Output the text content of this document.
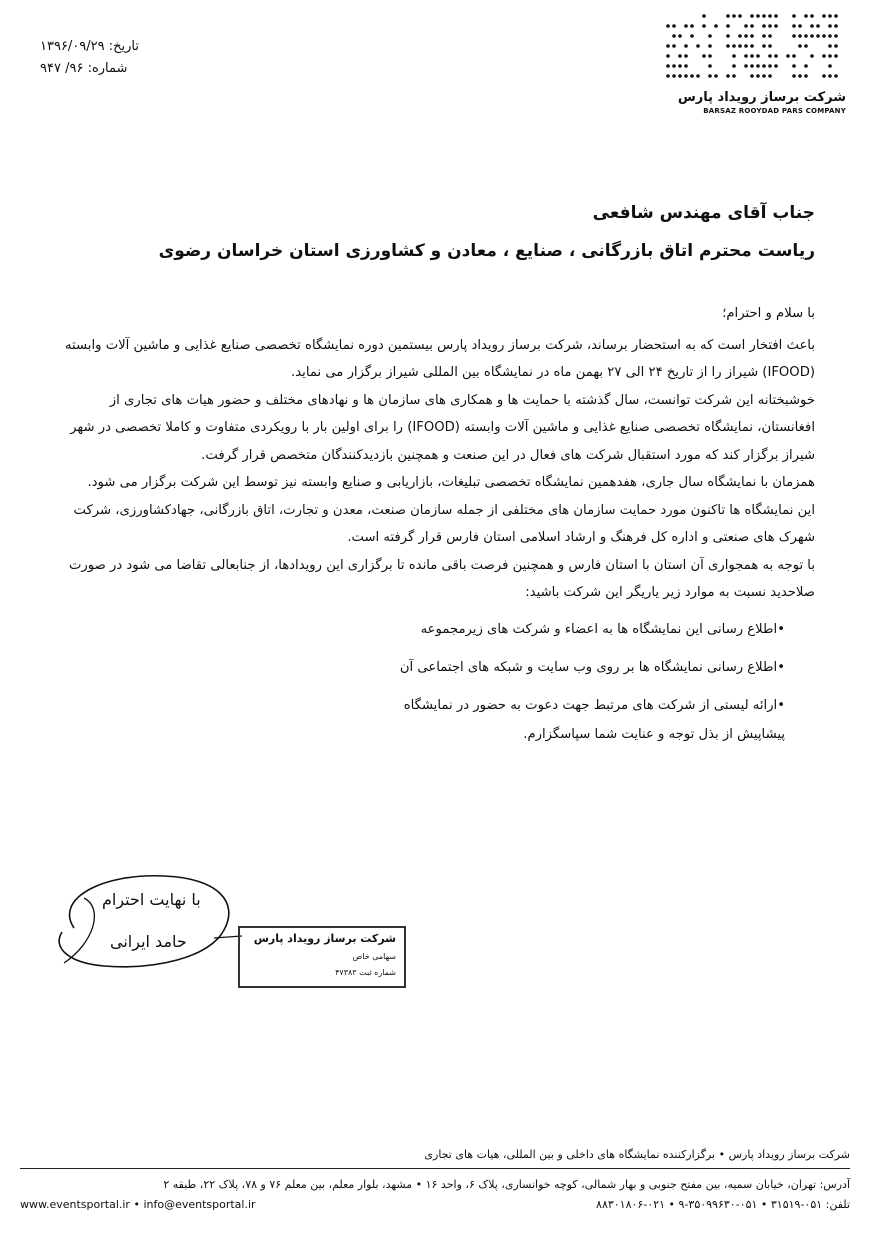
تاریخ: ۱۳۹۶/۰۹/۲۹
شماره: ۹۶/ ۹۴۷
شرکت برساز رویداد پارس
BARSAZ ROOYDAD PARS COMPANY
جناب آقای مهندس شافعی
ریاست محترم اتاق بازرگانی ، صنایع ، معادن و کشاورزی استان خراسان رضوی

با سلام و احترام؛

باعث افتخار است که به استحضار برساند، شرکت برساز رویداد پارس بیستمین دوره نمایشگاه تخصصی صنایع غذایی و ماشین آلات وابسته (IFOOD) شیراز را از تاریخ ۲۴ الی ۲۷ بهمن ماه در نمایشگاه بین المللی شیراز برگزار می نماید.

خوشبختانه این شرکت توانست، سال گذشته با حمایت ها و همکاری های سازمان ها و نهادهای مختلف و حضور هیات های تجاری از افغانستان، نمایشگاه تخصصی صنایع غذایی و ماشین آلات وابسته (IFOOD) را برای اولین بار با رویکردی متفاوت و کاملا تخصصی در شهر شیراز برگزار کند که مورد استقبال شرکت های فعال در این صنعت و همچنین بازدیدکنندگان متخصص قرار گرفت.

همزمان با نمایشگاه سال جاری، هفدهمین نمایشگاه تخصصی تبلیغات، بازاریابی و صنایع وابسته نیز توسط این شرکت برگزار می شود.

این نمایشگاه ها تاکنون مورد حمایت سازمان های مختلفی از جمله سازمان صنعت، معدن و تجارت، اتاق بازرگانی، جهادکشاورزی، شرکت شهرک های صنعتی و اداره کل فرهنگ و ارشاد اسلامی استان فارس قرار گرفته است.

با توجه به همجواری آن استان با استان فارس و همچنین فرصت باقی مانده تا برگزاری این رویدادها، از جنابعالی تقاضا می شود در صورت صلاحدید نسبت به موارد زیر یاریگر این شرکت باشید:

•اطلاع رسانی این نمایشگاه ها به اعضاء و شرکت های زیرمجموعه

•اطلاع رسانی نمایشگاه ها بر روی وب سایت و شبکه های اجتماعی آن

•ارائه لیستی از شرکت های مرتبط جهت دعوت به حضور در نمایشگاه

پیشاپیش از بذل توجه و عنایت شما سپاسگزارم.

با نهایت احترام
حامد ایرانی	شرکت برساز رویداد پارس
سهامی خاص
شماره ثبت ۴۷۳۸۳
شرکت برساز رویداد پارس • برگزارکننده نمایشگاه های داخلی و بین المللی، هیات های تجاری
آدرس: تهران، خیابان سمیه، بین مفتح جنوبی و بهار شمالی، کوچه خوانساری، پلاک ۶، واحد ۱۶ • مشهد، بلوار معلم، بین معلم ۷۶ و ۷۸، پلاک ۲۲، طبقه ۲
www.eventsportal.ir • info@eventsportal.ir	تلفن: ۰۵۱-۳۱۵۱۹ • ۰۵۱-۳۵۰۹۹۶۳۰-۹ • ۰۲۱-۸۸۳۰۱۸۰۶
